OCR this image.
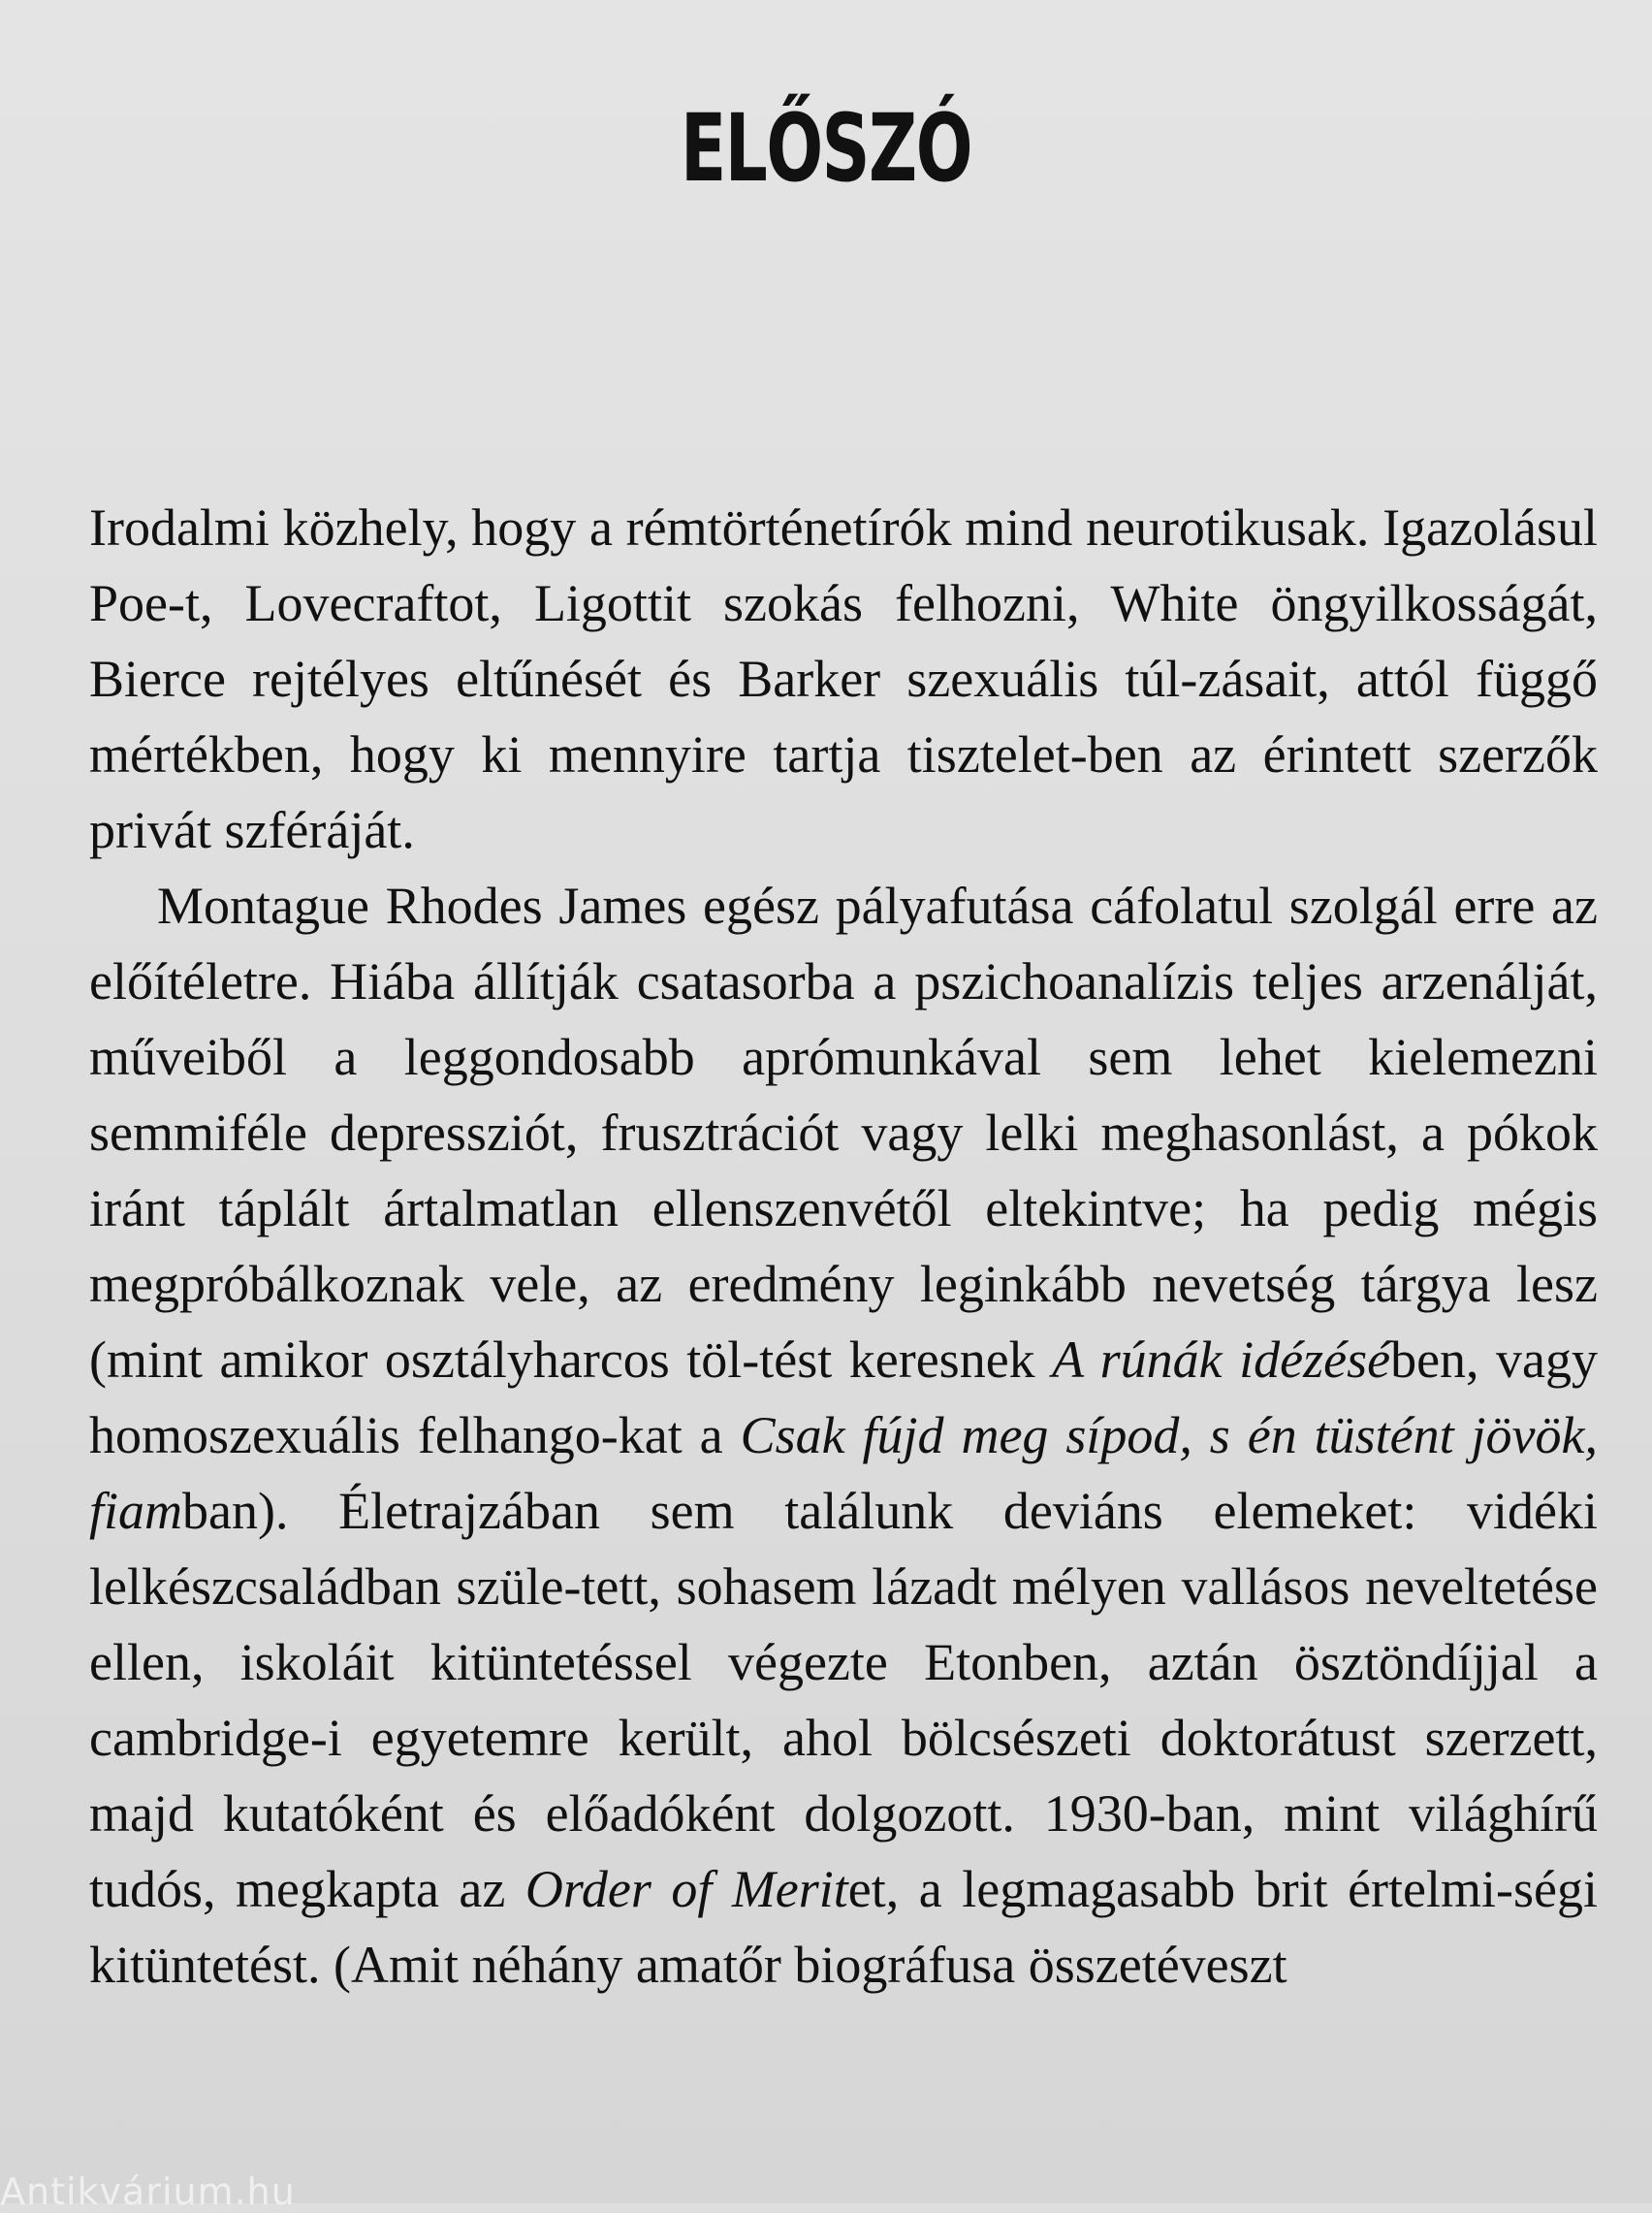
ELŐSZÓ

Irodalmi közhely, hogy a rémtörténetírók mind neurotikusak. Igazolásul Poe-t, Lovecraftot, Ligottit szokás felhozni, White öngyilkosságát, Bierce rejtélyes eltűnését és Barker szexuális túl-zásait, attól függő mértékben, hogy ki mennyire tartja tisztelet-ben az érintett szerzők privát szféráját.

Montague Rhodes James egész pályafutása cáfolatul szolgál erre az előítéletre. Hiába állítják csatasorba a pszichoanalízis teljes arzenálját, műveiből a leggondosabb aprómunkával sem lehet kielemezni semmiféle depressziót, frusztrációt vagy lelki meghasonlást, a pókok iránt táplált ártalmatlan ellenszenvétől eltekintve; ha pedig mégis megpróbálkoznak vele, az eredmény leginkább nevetség tárgya lesz (mint amikor osztályharcos töl-tést keresnek A rúnák idézésében, vagy homoszexuális felhango-kat a Csak fújd meg sípod, s én tüstént jövök, fiamban). Életrajzában sem találunk deviáns elemeket: vidéki lelkészcsaládban szüle-tett, sohasem lázadt mélyen vallásos neveltetése ellen, iskoláit kitüntetéssel végezte Etonben, aztán ösztöndíjjal a cambridge-i egyetemre került, ahol bölcsészeti doktorátust szerzett, majd kutatóként és előadóként dolgozott. 1930-ban, mint világhírű tudós, megkapta az Order of Meritet, a legmagasabb brit értelmi-ségi kitüntetést. (Amit néhány amatőr biográfusa összetéveszt

Antikvárium.hu
